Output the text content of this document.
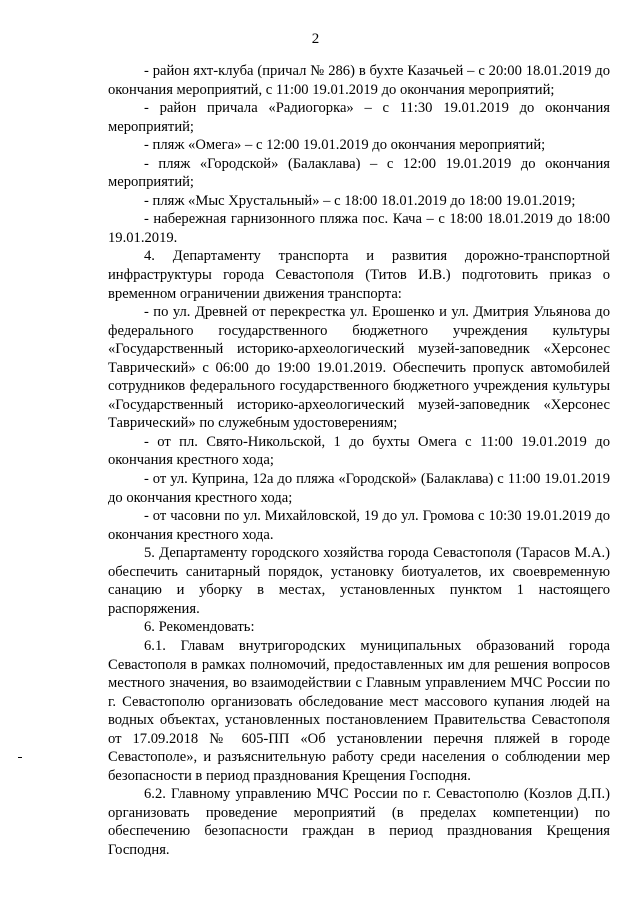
2

- район яхт-клуба (причал № 286) в бухте Казачьей – с 20:00 18.01.2019 до окончания мероприятий, с 11:00 19.01.2019 до окончания мероприятий;

- район причала «Радиогорка» – с 11:30 19.01.2019 до окончания мероприятий;

- пляж «Омега» – с 12:00 19.01.2019 до окончания мероприятий;

- пляж «Городской» (Балаклава) – с 12:00 19.01.2019 до окончания мероприятий;

- пляж «Мыс Хрустальный» – с 18:00 18.01.2019 до 18:00 19.01.2019;

- набережная гарнизонного пляжа пос. Кача – с 18:00 18.01.2019 до 18:00 19.01.2019.

4. Департаменту транспорта и развития дорожно-транспортной инфраструктуры города Севастополя (Титов И.В.) подготовить приказ о временном ограничении движения транспорта:

- по ул. Древней от перекрестка ул. Ерошенко и ул. Дмитрия Ульянова до федерального государственного бюджетного учреждения культуры «Государственный историко-археологический музей-заповедник «Херсонес Таврический» с 06:00 до 19:00 19.01.2019. Обеспечить пропуск автомобилей сотрудников федерального государственного бюджетного учреждения культуры «Государственный историко-археологический музей-заповедник «Херсонес Таврический» по служебным удостоверениям;

- от пл. Свято-Никольской, 1 до бухты Омега с 11:00 19.01.2019 до окончания крестного хода;

- от ул. Куприна, 12а до пляжа «Городской» (Балаклава) с 11:00 19.01.2019 до окончания крестного хода;

- от часовни по ул. Михайловской, 19 до ул. Громова с 10:30 19.01.2019 до окончания крестного хода.

5. Департаменту городского хозяйства города Севастополя (Тарасов М.А.) обеспечить санитарный порядок, установку биотуалетов, их своевременную санацию и уборку в местах, установленных пунктом 1 настоящего распоряжения.

6. Рекомендовать:

6.1. Главам внутригородских муниципальных образований города Севастополя в рамках полномочий, предоставленных им для решения вопросов местного значения, во взаимодействии с Главным управлением МЧС России по г. Севастополю организовать обследование мест массового купания людей на водных объектах, установленных постановлением Правительства Севастополя от 17.09.2018 № 605-ПП «Об установлении перечня пляжей в городе Севастополе», и разъяснительную работу среди населения о соблюдении мер безопасности в период празднования Крещения Господня.

6.2. Главному управлению МЧС России по г. Севастополю (Козлов Д.П.) организовать проведение мероприятий (в пределах компетенции) по обеспечению безопасности граждан в период празднования Крещения Господня.
